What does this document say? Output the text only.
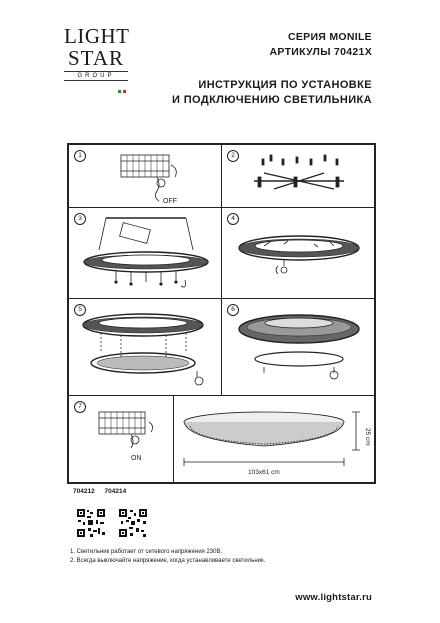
LIGHT
STAR
GROUP
СЕРИЯ MONILE
АРТИКУЛЫ 70421X
ИНСТРУКЦИЯ ПО УСТАНОВКЕ
И ПОДКЛЮЧЕНИЮ СВЕТИЛЬНИКА
1
OFF
2
3	4
5	6
7
ON
103x61 cm
25 cm
704212 704214
1. Светильник работает от сетевого напряжения 230В.
2. Всегда выключайте напряжение, когда устанавливаете светильник.
www.lightstar.ru
